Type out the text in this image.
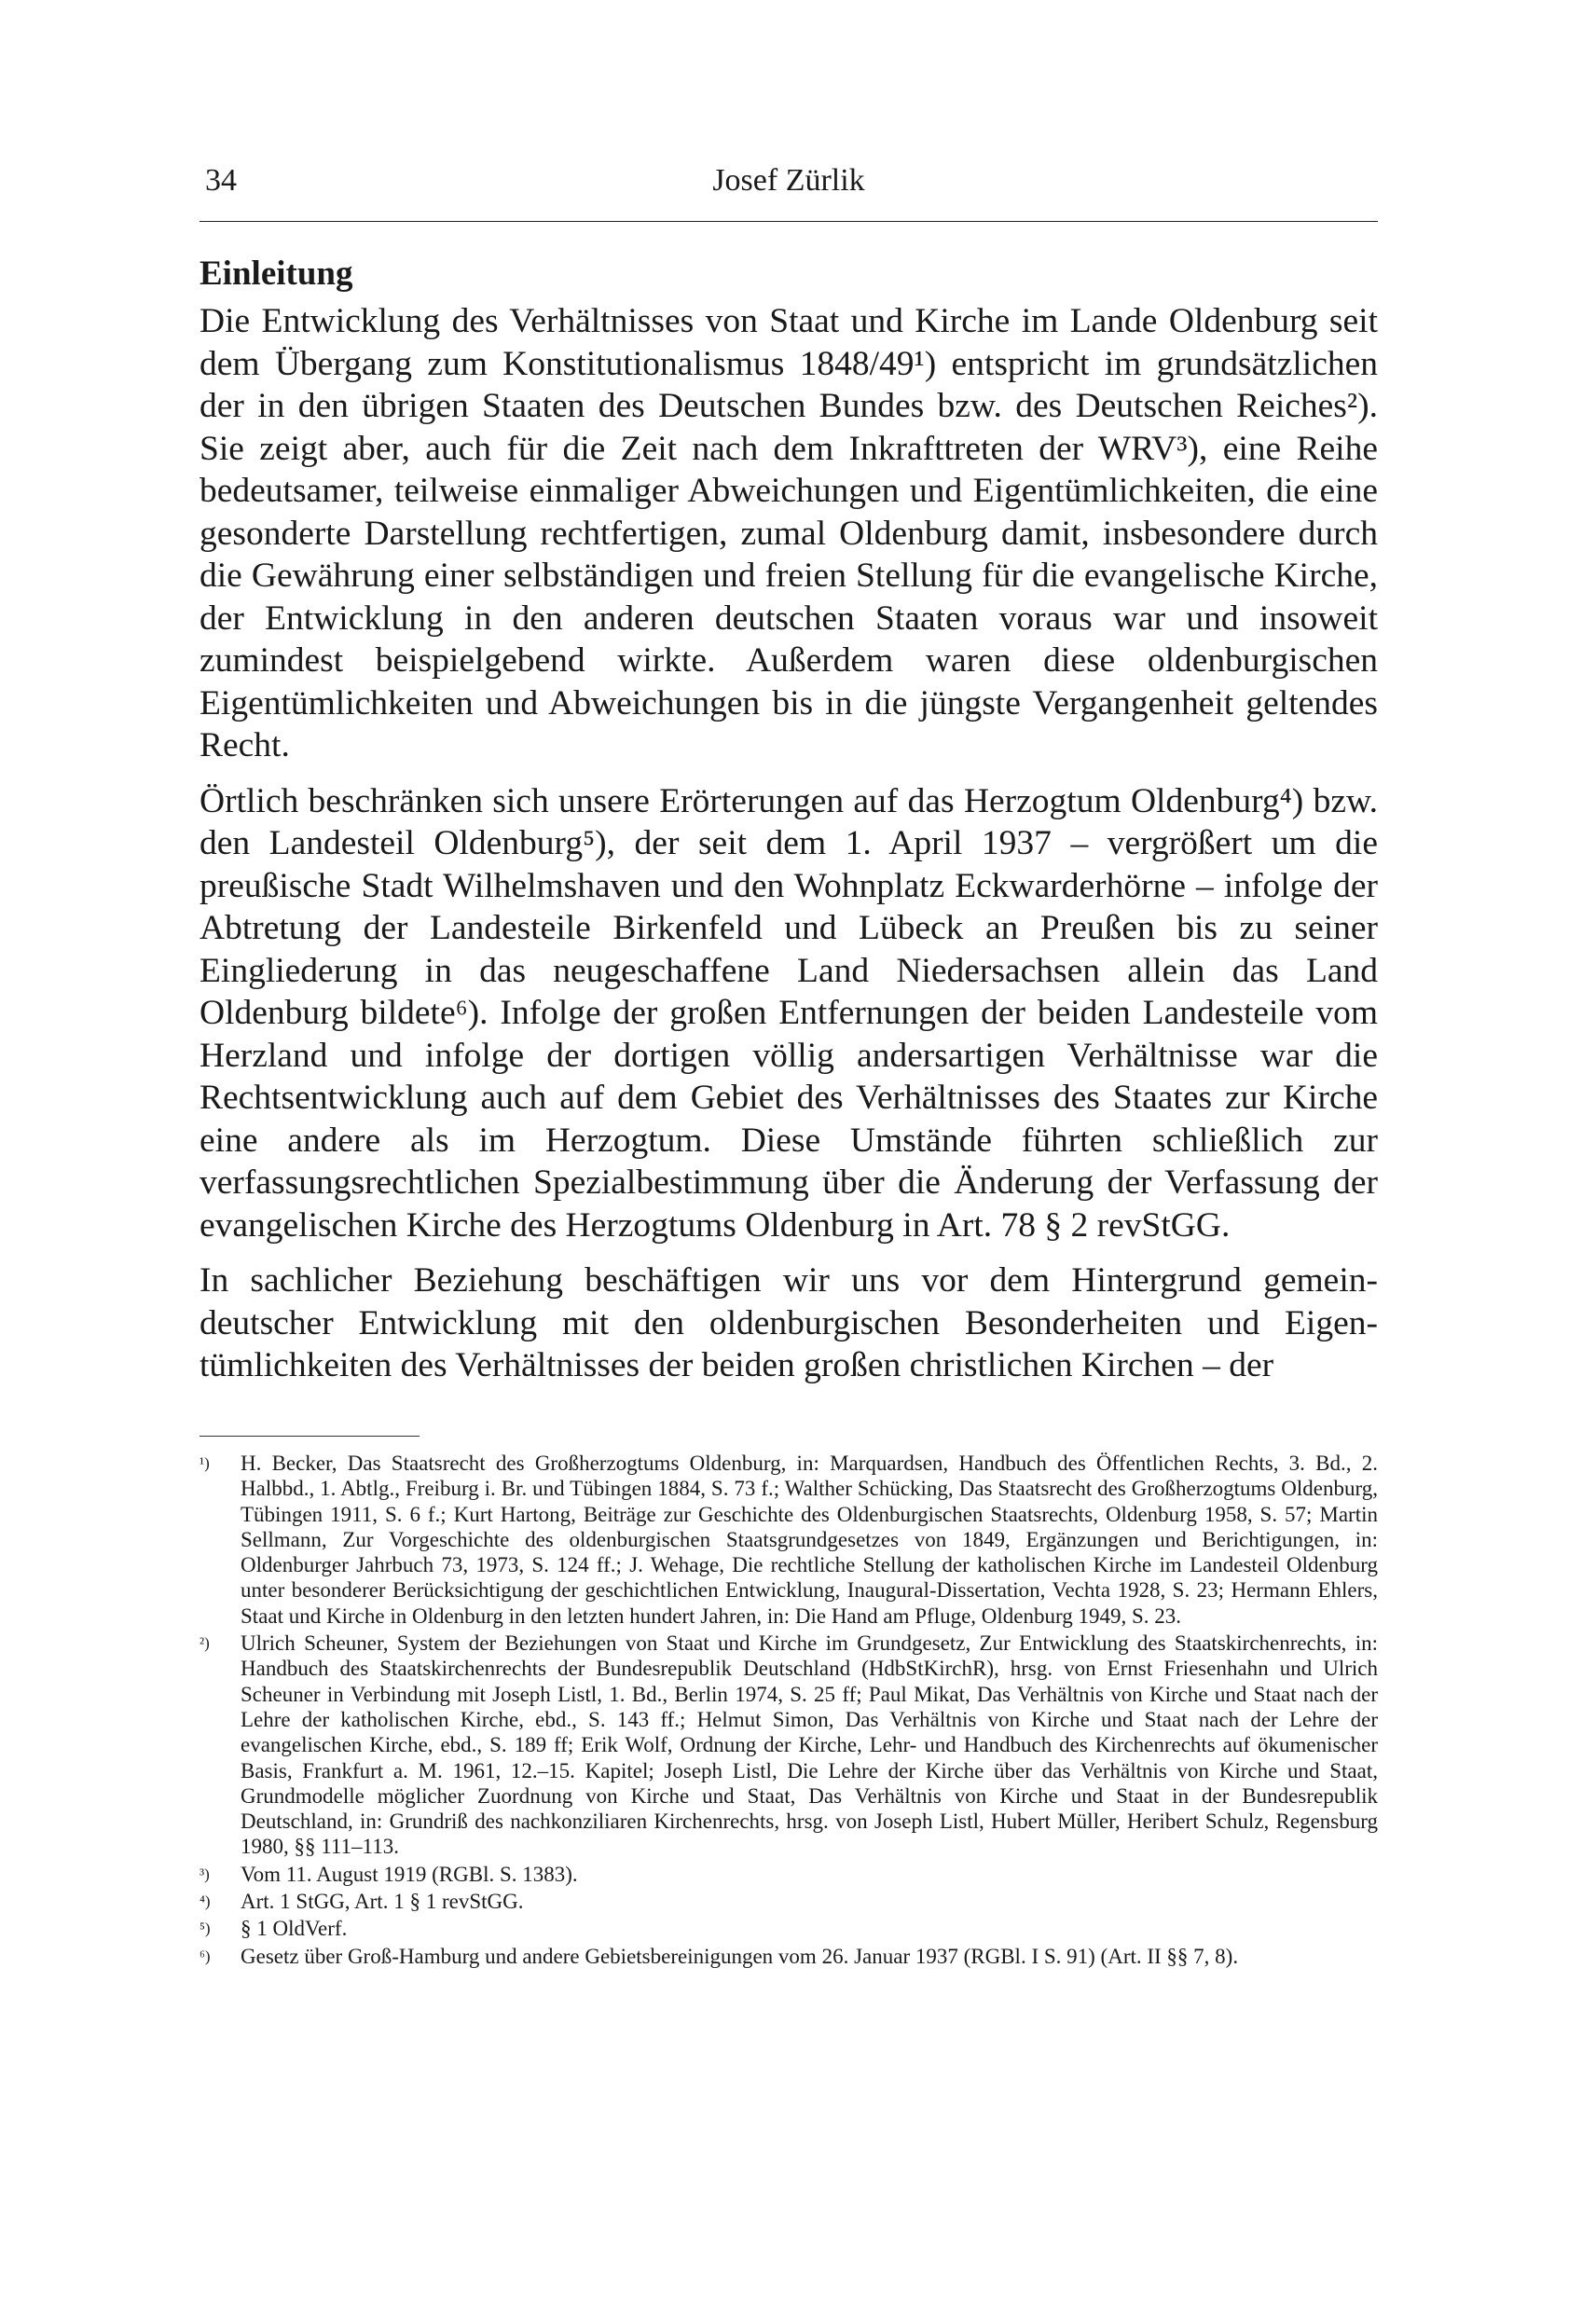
34	Josef Zürlik
Einleitung

Die Entwicklung des Verhältnisses von Staat und Kirche im Lande Oldenburg seit dem Übergang zum Konstitutionalismus 1848/49¹) entspricht im grundsätzlichen der in den übrigen Staaten des Deutschen Bundes bzw. des Deutschen Reiches²). Sie zeigt aber, auch für die Zeit nach dem Inkrafttreten der WRV³), eine Reihe bedeutsamer, teilweise einmaliger Abweichungen und Eigentümlichkeiten, die eine gesonderte Darstellung rechtfertigen, zumal Oldenburg damit, insbesondere durch die Gewährung einer selbständigen und freien Stellung für die evangelische Kirche, der Entwicklung in den anderen deutschen Staaten voraus war und insoweit zumindest beispielgebend wirkte. Außerdem waren diese oldenburgischen Eigentümlichkeiten und Abweichungen bis in die jüngste Vergangenheit geltendes Recht.

Örtlich beschränken sich unsere Erörterungen auf das Herzogtum Oldenburg⁴) bzw. den Landesteil Oldenburg⁵), der seit dem 1. April 1937 – vergrößert um die preußische Stadt Wilhelmshaven und den Wohnplatz Eckwarderhörne – infolge der Abtretung der Landesteile Birkenfeld und Lübeck an Preußen bis zu seiner Eingliederung in das neugeschaffene Land Niedersachsen allein das Land Oldenburg bildete⁶). Infolge der großen Entfernungen der beiden Landesteile vom Herzland und infolge der dortigen völlig andersartigen Verhältnisse war die Rechtsentwicklung auch auf dem Gebiet des Verhältnisses des Staates zur Kirche eine andere als im Herzogtum. Diese Umstände führten schließlich zur verfassungsrechtlichen Spezialbestimmung über die Änderung der Verfassung der evangelischen Kirche des Herzogtums Oldenburg in Art. 78 § 2 revStGG.

In sachlicher Beziehung beschäftigen wir uns vor dem Hintergrund gemeindeutscher Entwicklung mit den oldenburgischen Besonderheiten und Eigentümlichkeiten des Verhältnisses der beiden großen christlichen Kirchen – der

¹)	H. Becker, Das Staatsrecht des Großherzogtums Oldenburg, in: Marquardsen, Handbuch des Öffentlichen Rechts, 3. Bd., 2. Halbbd., 1. Abtlg., Freiburg i. Br. und Tübingen 1884, S. 73 f.; Walther Schücking, Das Staatsrecht des Großherzogtums Oldenburg, Tübingen 1911, S. 6 f.; Kurt Hartong, Beiträge zur Geschichte des Oldenburgischen Staatsrechts, Oldenburg 1958, S. 57; Martin Sellmann, Zur Vorgeschichte des oldenburgischen Staatsgrundgesetzes von 1849, Ergänzungen und Berichtigungen, in: Oldenburger Jahrbuch 73, 1973, S. 124 ff.; J. Wehage, Die rechtliche Stellung der katholischen Kirche im Landesteil Oldenburg unter besonderer Berücksichtigung der geschichtlichen Entwicklung, Inaugural-Dissertation, Vechta 1928, S. 23; Hermann Ehlers, Staat und Kirche in Oldenburg in den letzten hundert Jahren, in: Die Hand am Pfluge, Oldenburg 1949, S. 23.
²)	Ulrich Scheuner, System der Beziehungen von Staat und Kirche im Grundgesetz, Zur Entwicklung des Staatskirchenrechts, in: Handbuch des Staatskirchenrechts der Bundesrepublik Deutschland (HdbStKirchR), hrsg. von Ernst Friesenhahn und Ulrich Scheuner in Verbindung mit Joseph Listl, 1. Bd., Berlin 1974, S. 25 ff; Paul Mikat, Das Verhältnis von Kirche und Staat nach der Lehre der katholischen Kirche, ebd., S. 143 ff.; Helmut Simon, Das Verhältnis von Kirche und Staat nach der Lehre der evangelischen Kirche, ebd., S. 189 ff; Erik Wolf, Ordnung der Kirche, Lehr- und Handbuch des Kirchenrechts auf ökumenischer Basis, Frankfurt a. M. 1961, 12.–15. Kapitel; Joseph Listl, Die Lehre der Kirche über das Verhältnis von Kirche und Staat, Grundmodelle möglicher Zuordnung von Kirche und Staat, Das Verhältnis von Kirche und Staat in der Bundesrepublik Deutschland, in: Grundriß des nachkonziliaren Kirchenrechts, hrsg. von Joseph Listl, Hubert Müller, Heribert Schulz, Regensburg 1980, §§ 111–113.
³)	Vom 11. August 1919 (RGBl. S. 1383).
⁴)	Art. 1 StGG, Art. 1 § 1 revStGG.
⁵)	§ 1 OldVerf.
⁶)	Gesetz über Groß-Hamburg und andere Gebietsbereinigungen vom 26. Januar 1937 (RGBl. I S. 91) (Art. II §§ 7, 8).
